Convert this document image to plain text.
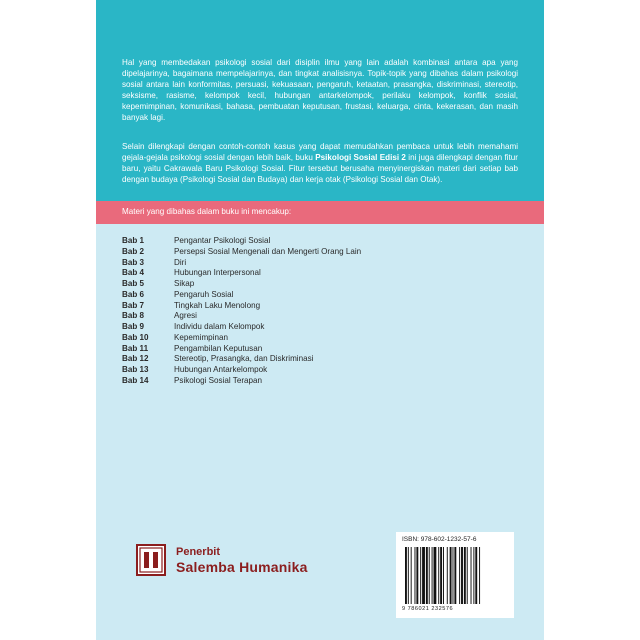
Hal yang membedakan psikologi sosial dari disiplin ilmu yang lain adalah kombinasi antara apa yang dipelajarinya, bagaimana mempelajarinya, dan tingkat analisisnya. Topik-topik yang dibahas dalam psikologi sosial antara lain konformitas, persuasi, kekuasaan, pengaruh, ketaatan, prasangka, diskriminasi, stereotip, seksisme, rasisme, kelompok kecil, hubungan antarkelompok, perilaku kelompok, konflik sosial, kepemimpinan, komunikasi, bahasa, pembuatan keputusan, frustasi, keluarga, cinta, kekerasan, dan masih banyak lagi.

Selain dilengkapi dengan contoh-contoh kasus yang dapat memudahkan pembaca untuk lebih memahami gejala-gejala psikologi sosial dengan lebih baik, buku Psikologi Sosial Edisi 2 ini juga dilengkapi dengan fitur baru, yaitu Cakrawala Baru Psikologi Sosial. Fitur tersebut berusaha menyinergiskan materi dari setiap bab dengan budaya (Psikologi Sosial dan Budaya) dan kerja otak (Psikologi Sosial dan Otak).

Materi yang dibahas dalam buku ini mencakup:
Bab 1	Pengantar Psikologi Sosial
Bab 2	Persepsi Sosial Mengenali dan Mengerti Orang Lain
Bab 3	Diri
Bab 4	Hubungan Interpersonal
Bab 5	Sikap
Bab 6	Pengaruh Sosial
Bab 7	Tingkah Laku Menolong
Bab 8	Agresi
Bab 9	Individu dalam Kelompok
Bab 10	Kepemimpinan
Bab 11	Pengambilan Keputusan
Bab 12	Stereotip, Prasangka, dan Diskriminasi
Bab 13	Hubungan Antarkelompok
Bab 14	Psikologi Sosial Terapan
Penerbit
Salemba Humanika
ISBN: 978-602-1232-57-6
9 786021 232576
